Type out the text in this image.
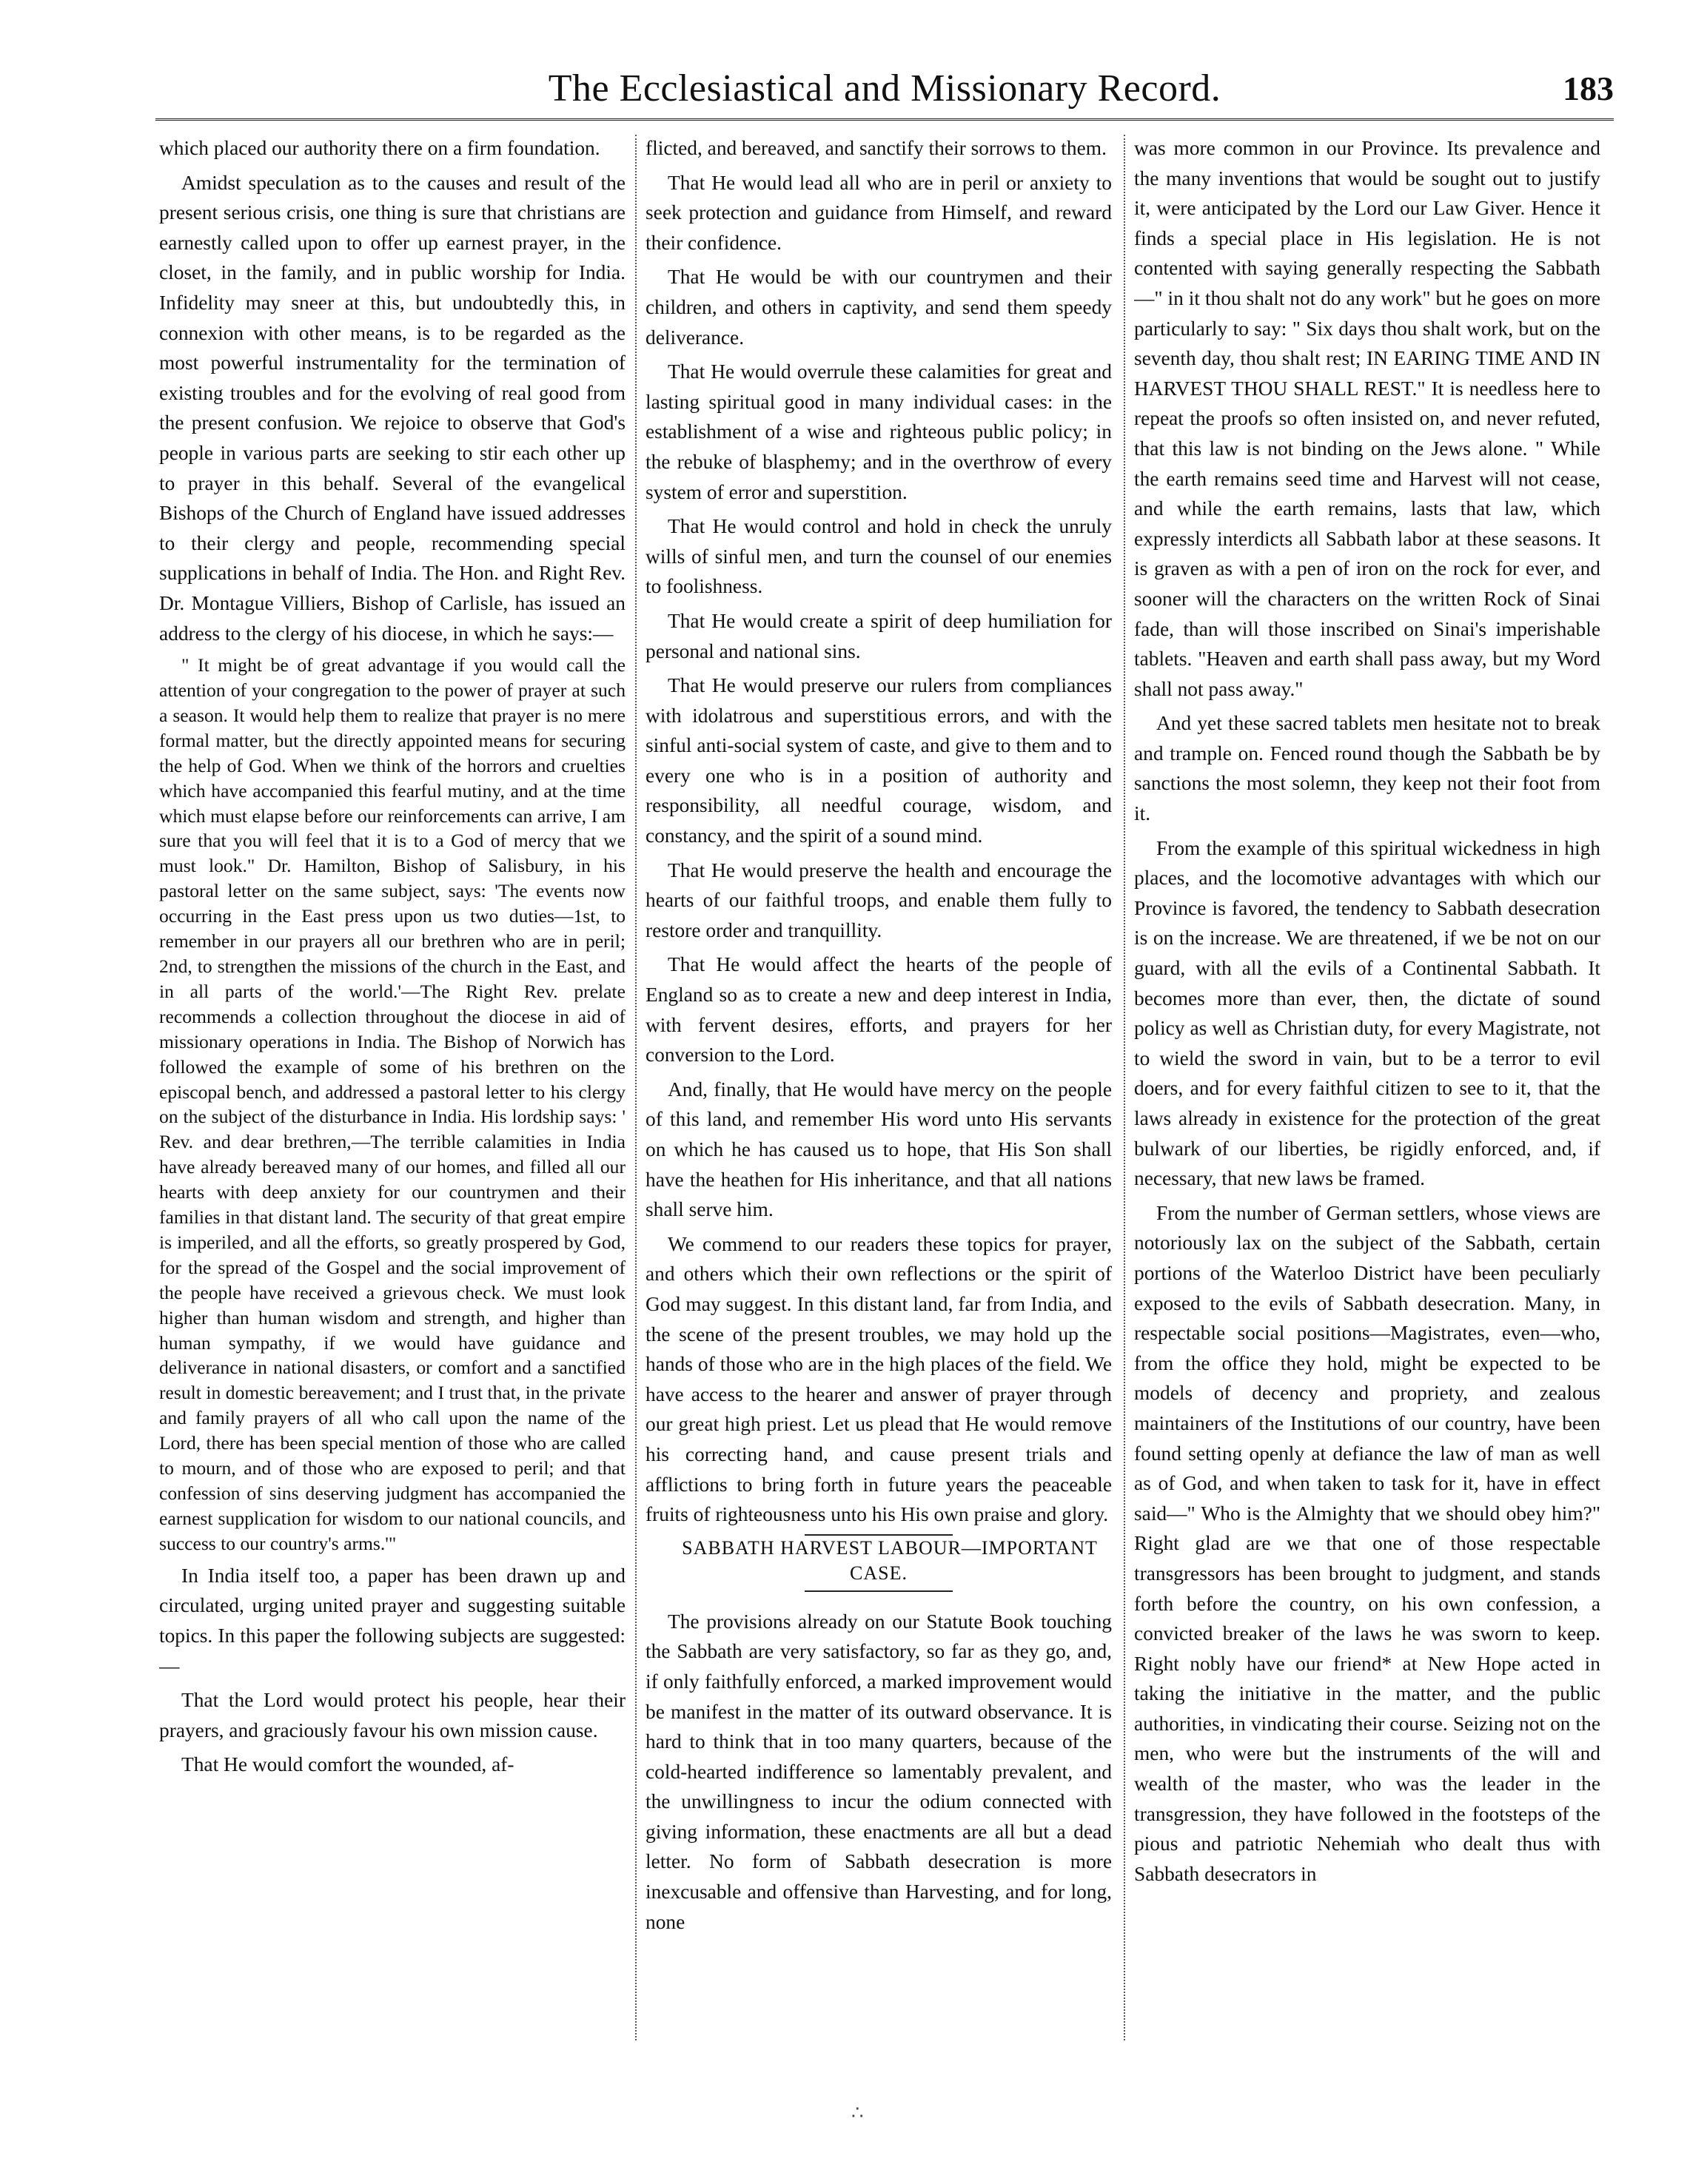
The Ecclesiastical and Missionary Record.	183

which placed our authority there on a firm foundation.

Amidst speculation as to the causes and result of the present serious crisis, one thing is sure that christians are earnestly called upon to offer up earnest prayer, in the closet, in the family, and in public worship for India. Infidelity may sneer at this, but undoubtedly this, in connexion with other means, is to be regarded as the most powerful instrumentality for the termination of existing troubles and for the evolving of real good from the present confusion. We rejoice to observe that God's people in various parts are seeking to stir each other up to prayer in this behalf. Several of the evangelical Bishops of the Church of England have issued addresses to their clergy and people, recommending special supplications in behalf of India. The Hon. and Right Rev. Dr. Montague Villiers, Bishop of Carlisle, has issued an address to the clergy of his diocese, in which he says:—

" It might be of great advantage if you would call the attention of your congregation to the power of prayer at such a season. It would help them to realize that prayer is no mere formal matter, but the directly appointed means for securing the help of God. When we think of the horrors and cruelties which have accompanied this fearful mutiny, and at the time which must elapse before our reinforcements can arrive, I am sure that you will feel that it is to a God of mercy that we must look." Dr. Hamilton, Bishop of Salisbury, in his pastoral letter on the same subject, says: 'The events now occurring in the East press upon us two duties—1st, to remember in our prayers all our brethren who are in peril; 2nd, to strengthen the missions of the church in the East, and in all parts of the world.'—The Right Rev. prelate recommends a collection throughout the diocese in aid of missionary operations in India. The Bishop of Norwich has followed the example of some of his brethren on the episcopal bench, and addressed a pastoral letter to his clergy on the subject of the disturbance in India. His lordship says: ' Rev. and dear brethren,—The terrible calamities in India have already bereaved many of our homes, and filled all our hearts with deep anxiety for our countrymen and their families in that distant land. The security of that great empire is imperiled, and all the efforts, so greatly prospered by God, for the spread of the Gospel and the social improvement of the people have received a grievous check. We must look higher than human wisdom and strength, and higher than human sympathy, if we would have guidance and deliverance in national disasters, or comfort and a sanctified result in domestic bereavement; and I trust that, in the private and family prayers of all who call upon the name of the Lord, there has been special mention of those who are called to mourn, and of those who are exposed to peril; and that confession of sins deserving judgment has accompanied the earnest supplication for wisdom to our national councils, and success to our country's arms.'"

In India itself too, a paper has been drawn up and circulated, urging united prayer and suggesting suitable topics. In this paper the following subjects are suggested:—

That the Lord would protect his people, hear their prayers, and graciously favour his own mission cause.

That He would comfort the wounded, af-

flicted, and bereaved, and sanctify their sorrows to them.

That He would lead all who are in peril or anxiety to seek protection and guidance from Himself, and reward their confidence.

That He would be with our countrymen and their children, and others in captivity, and send them speedy deliverance.

That He would overrule these calamities for great and lasting spiritual good in many individual cases: in the establishment of a wise and righteous public policy; in the rebuke of blasphemy; and in the overthrow of every system of error and superstition.

That He would control and hold in check the unruly wills of sinful men, and turn the counsel of our enemies to foolishness.

That He would create a spirit of deep humiliation for personal and national sins.

That He would preserve our rulers from compliances with idolatrous and superstitious errors, and with the sinful anti-social system of caste, and give to them and to every one who is in a position of authority and responsibility, all needful courage, wisdom, and constancy, and the spirit of a sound mind.

That He would preserve the health and encourage the hearts of our faithful troops, and enable them fully to restore order and tranquillity.

That He would affect the hearts of the people of England so as to create a new and deep interest in India, with fervent desires, efforts, and prayers for her conversion to the Lord.

And, finally, that He would have mercy on the people of this land, and remember His word unto His servants on which he has caused us to hope, that His Son shall have the heathen for His inheritance, and that all nations shall serve him.

We commend to our readers these topics for prayer, and others which their own reflections or the spirit of God may suggest. In this distant land, far from India, and the scene of the present troubles, we may hold up the hands of those who are in the high places of the field. We have access to the hearer and answer of prayer through our great high priest. Let us plead that He would remove his correcting hand, and cause present trials and afflictions to bring forth in future years the peaceable fruits of righteousness unto his His own praise and glory.

SABBATH HARVEST LABOUR—IMPORTANT CASE.

The provisions already on our Statute Book touching the Sabbath are very satisfactory, so far as they go, and, if only faithfully enforced, a marked improvement would be manifest in the matter of its outward observance. It is hard to think that in too many quarters, because of the cold-hearted indifference so lamentably prevalent, and the unwillingness to incur the odium connected with giving information, these enactments are all but a dead letter. No form of Sabbath desecration is more inexcusable and offensive than Harvesting, and for long, none

was more common in our Province. Its prevalence and the many inventions that would be sought out to justify it, were anticipated by the Lord our Law Giver. Hence it finds a special place in His legislation. He is not contented with saying generally respecting the Sabbath—" in it thou shalt not do any work" but he goes on more particularly to say: " Six days thou shalt work, but on the seventh day, thou shalt rest; IN EARING TIME AND IN HARVEST THOU SHALL REST." It is needless here to repeat the proofs so often insisted on, and never refuted, that this law is not binding on the Jews alone. " While the earth remains seed time and Harvest will not cease, and while the earth remains, lasts that law, which expressly interdicts all Sabbath labor at these seasons. It is graven as with a pen of iron on the rock for ever, and sooner will the characters on the written Rock of Sinai fade, than will those inscribed on Sinai's imperishable tablets. "Heaven and earth shall pass away, but my Word shall not pass away."

And yet these sacred tablets men hesitate not to break and trample on. Fenced round though the Sabbath be by sanctions the most solemn, they keep not their foot from it.

From the example of this spiritual wickedness in high places, and the locomotive advantages with which our Province is favored, the tendency to Sabbath desecration is on the increase. We are threatened, if we be not on our guard, with all the evils of a Continental Sabbath. It becomes more than ever, then, the dictate of sound policy as well as Christian duty, for every Magistrate, not to wield the sword in vain, but to be a terror to evil doers, and for every faithful citizen to see to it, that the laws already in existence for the protection of the great bulwark of our liberties, be rigidly enforced, and, if necessary, that new laws be framed.

From the number of German settlers, whose views are notoriously lax on the subject of the Sabbath, certain portions of the Waterloo District have been peculiarly exposed to the evils of Sabbath desecration. Many, in respectable social positions—Magistrates, even—who, from the office they hold, might be expected to be models of decency and propriety, and zealous maintainers of the Institutions of our country, have been found setting openly at defiance the law of man as well as of God, and when taken to task for it, have in effect said—" Who is the Almighty that we should obey him?" Right glad are we that one of those respectable transgressors has been brought to judgment, and stands forth before the country, on his own confession, a convicted breaker of the laws he was sworn to keep. Right nobly have our friend* at New Hope acted in taking the initiative in the matter, and the public authorities, in vindicating their course. Seizing not on the men, who were but the instruments of the will and wealth of the master, who was the leader in the transgression, they have followed in the footsteps of the pious and patriotic Nehemiah who dealt thus with Sabbath desecrators in

∴
